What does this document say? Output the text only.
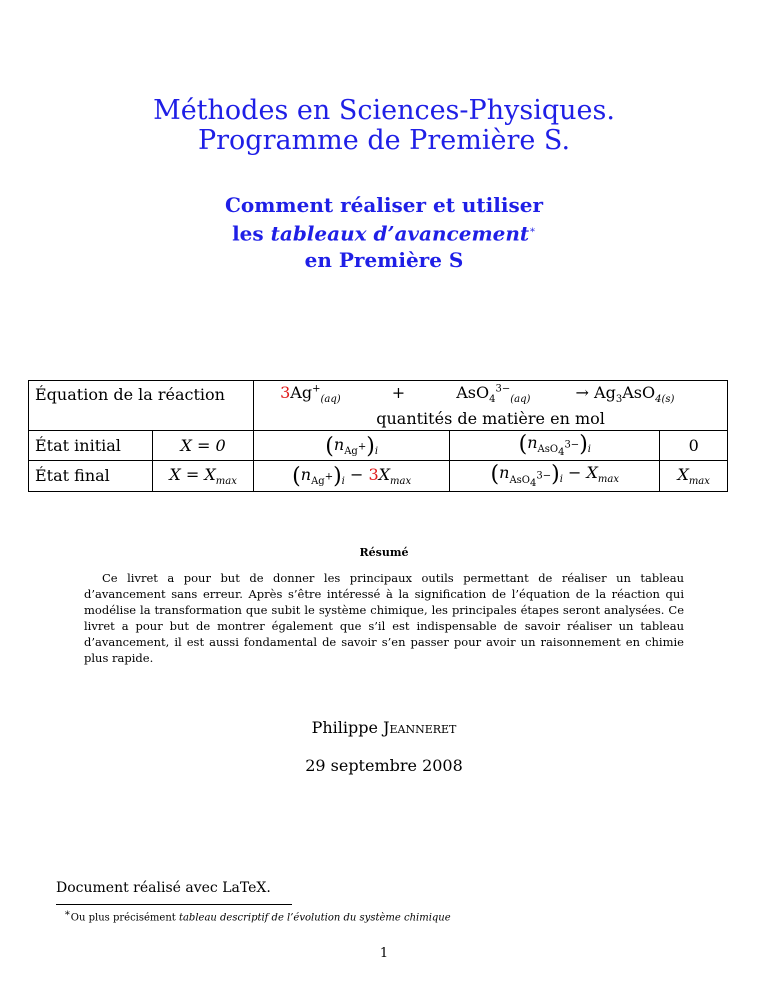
Méthodes en Sciences-Physiques.
Programme de Première S.
Comment réaliser et utiliser
les tableaux d’avancement∗
en Première S
Équation de la réaction		$3Ag^+_{(aq)} + AsO_4^{3-}_{(aq)} \to Ag_3AsO_{4(s)}$
		quantités de matière en mol		
État initial	X = 0	$(n_{Ag^+})_i$	$(n_{AsO_4^{3-}})_i$	0
État final	$X = X_{max}$	$(n_{Ag^+})_i - 3X_{max}$	$(n_{AsO_4^{3-}})_i - X_{max}$	$X_{max}$
Résumé
Ce livret a pour but de donner les principaux outils permettant de réaliser un tableau d’avancement sans erreur. Après s’être intéressé à la signification de l’équation de la réaction qui modélise la transformation que subit le système chimique, les principales étapes seront analysées. Ce livret a pour but de montrer également que s’il est indispensable de savoir réaliser un tableau d’avancement, il est aussi fondamental de savoir s’en passer pour avoir un raisonnement en chimie plus rapide.
Philippe Jeanneret
29 septembre 2008
Document réalisé avec LaTeX.
∗Ou plus précisément tableau descriptif de l’évolution du système chimique
1
